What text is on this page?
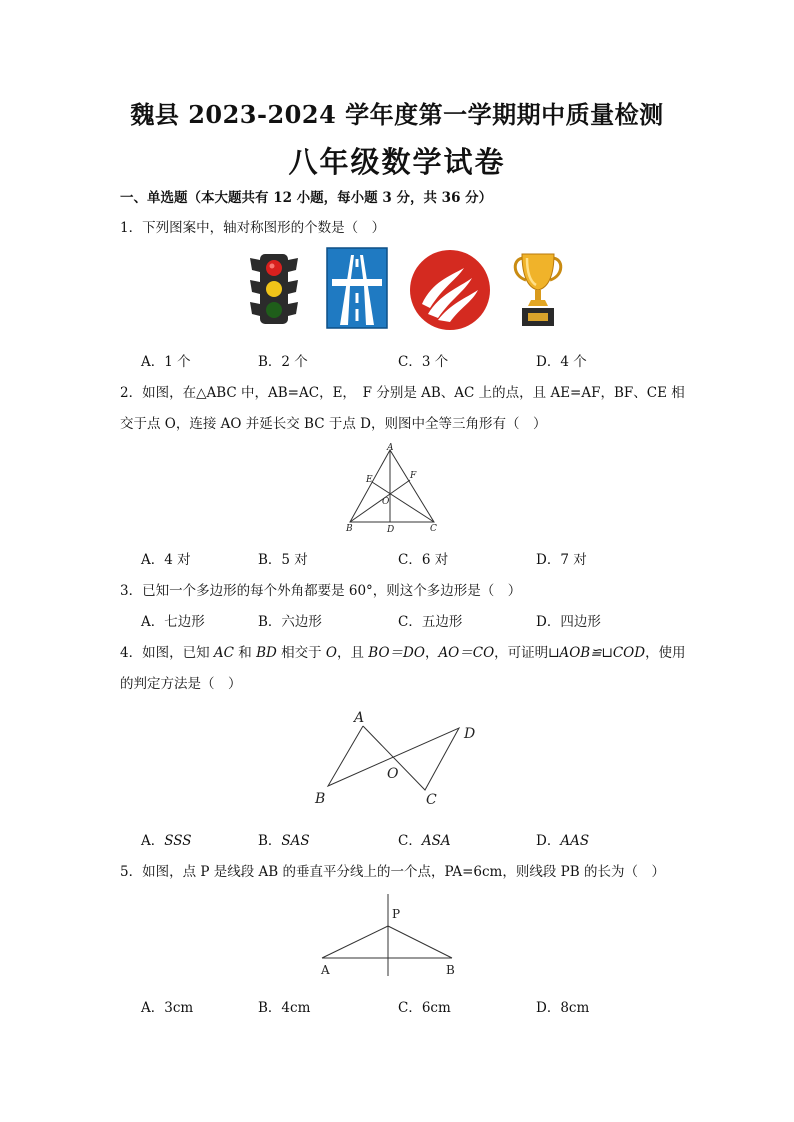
魏县 2023-2024 学年度第一学期期中质量检测
八年级数学试卷
一、单选题（本大题共有 12 小题，每小题 3 分，共 36 分）
1．下列图案中，轴对称图形的个数是（　）
A．1 个	B．2 个	C．3 个	D．4 个
2．如图，在△ABC 中，AB=AC，E，　F 分别是 AB、AC 上的点，且 AE=AF，BF、CE 相
交于点 O，连接 AO 并延长交 BC 于点 D，则图中全等三角形有（　）
A
E	F
O
B	D	C
A．4 对	B．5 对	C．6 对	D．7 对
3．已知一个多边形的每个外角都要是 60°，则这个多边形是（　）
A．七边形	B．六边形	C．五边形	D．四边形
4．如图，已知 AC 和 BD 相交于 O，且 BO＝DO，AO＝CO，可证明⊔AOB≌⊔COD，使用
的判定方法是（　）
A
D
O
B	C
A．SSS	B．SAS	C．ASA	D．AAS
5．如图，点 P 是线段 AB 的垂直平分线上的一个点，PA=6cm，则线段 PB 的长为（　）
P
A	B
A．3cm	B．4cm	C．6cm	D．8cm
